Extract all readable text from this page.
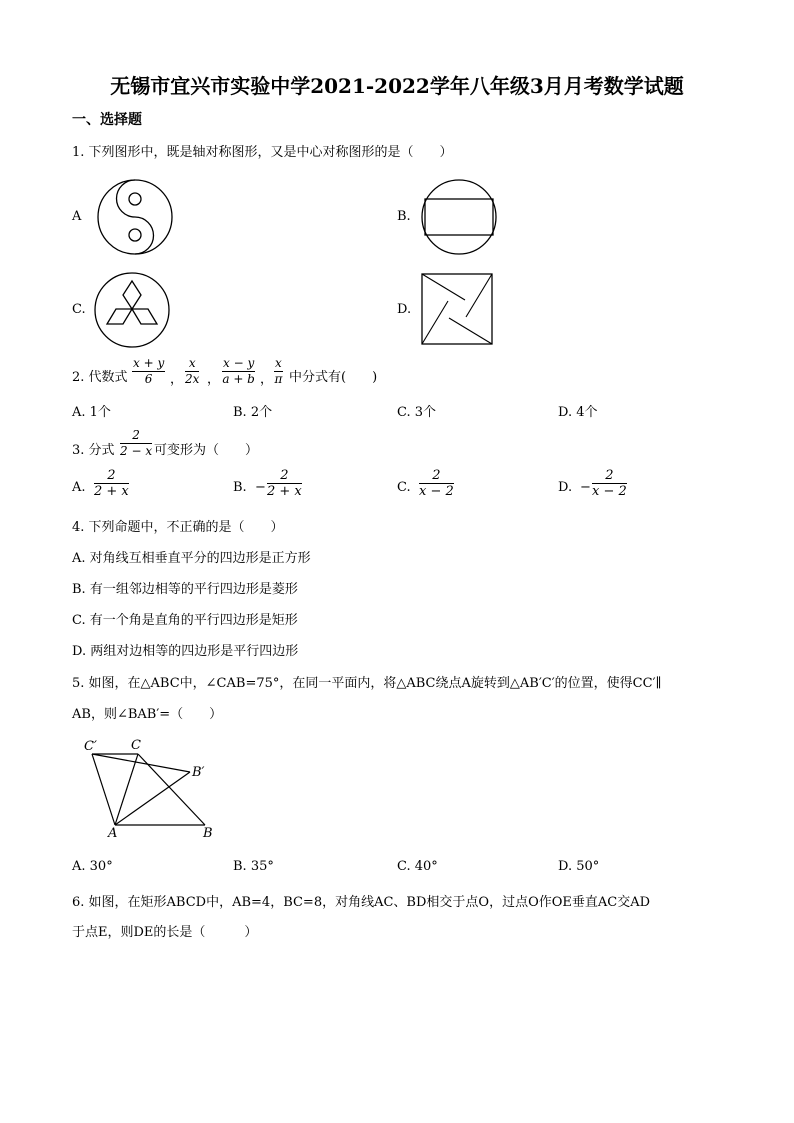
无锡市宜兴市实验中学2021-2022学年八年级3月月考数学试题
一、选择题
1. 下列图形中，既是轴对称图形，又是中心对称图形的是（　　）
A	B.
C.	D.
2. 代数式 $\frac{x + y}{6}$ ， $\frac{x}{2x}$ ， $\frac{x - y}{a + b}$ ， $\frac{x}{\pi}$ 中分式有(　　)
A. 1个	B. 2个	C. 3个	D. 4个
3. 分式 $\frac{2}{2 - x}$ 可变形为（　　）
A. $\frac{2}{2 + x}$	B. − $\frac{2}{2 + x}$	C. $\frac{2}{x - 2}$	D. − $\frac{2}{x - 2}$
4. 下列命题中，不正确的是（　　）
A. 对角线互相垂直平分的四边形是正方形
B. 有一组邻边相等的平行四边形是菱形
C. 有一个角是直角的平行四边形是矩形
D. 两组对边相等的四边形是平行四边形
5. 如图，在△ABC中，∠CAB=75°，在同一平面内，将△ABC绕点A旋转到△AB′C′的位置，使得CC′∥
AB，则∠BAB′=（　　）
C′	C
B′
A	B
A. 30°	B. 35°	C. 40°	D. 50°
6. 如图，在矩形ABCD中，AB=4，BC=8，对角线AC、BD相交于点O，过点O作OE垂直AC交AD
于点E，则DE的长是（　　　）
